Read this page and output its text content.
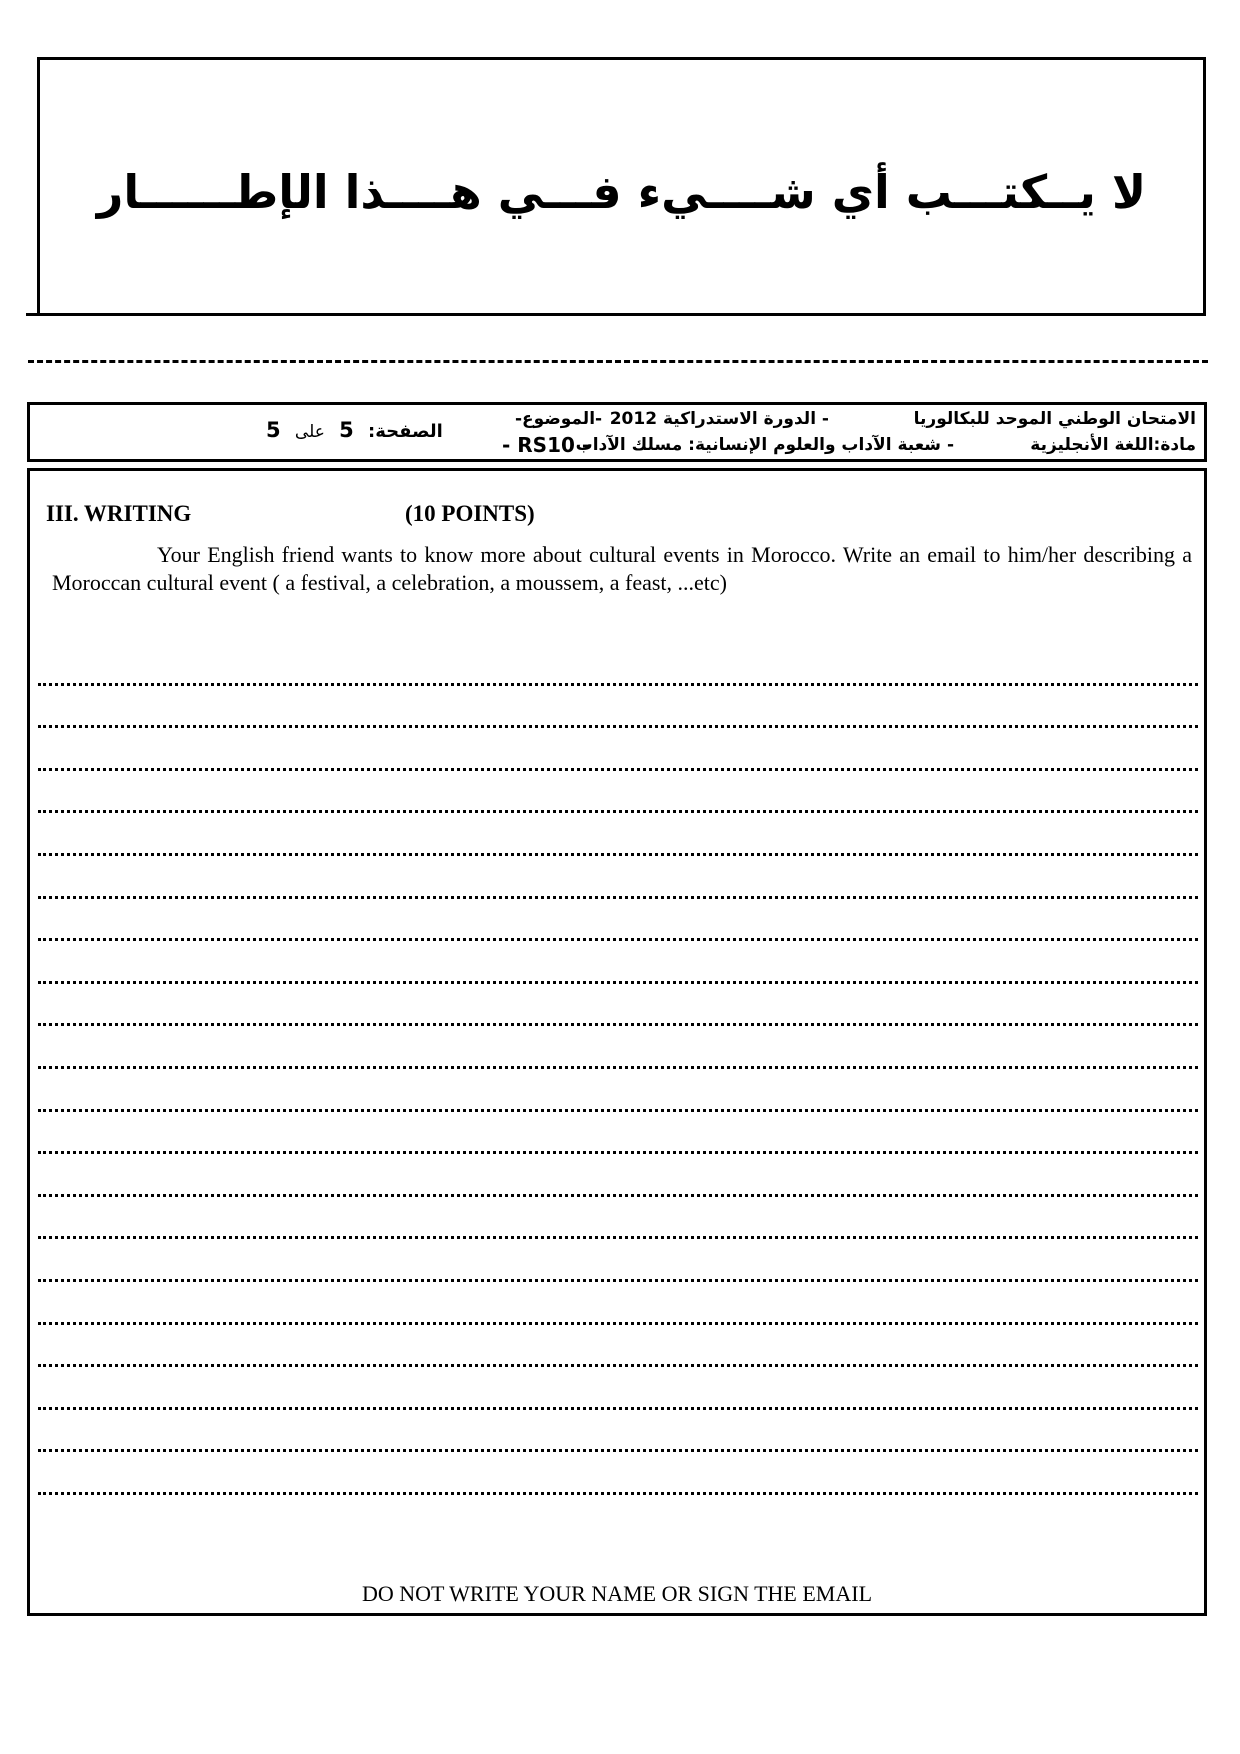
لا يــكتـــب أي شــــيء فـــي هــــذا الإطــــــار
الامتحان الوطني الموحد للبكالوريا
- الدورة الاستدراكية 2012
مادة:اللغة الأنجليزية
- شعبة الآداب والعلوم الإنسانية: مسلك الآداب
-الموضوع-
- RS10 -
الصفحة: 5 على 5
III. WRITING	(10 POINTS)
Your English friend wants to know more about cultural events in Morocco. Write an email to him/her describing a Moroccan cultural event ( a festival, a celebration, a moussem, a feast, ...etc)
DO NOT WRITE YOUR NAME OR SIGN THE EMAIL
